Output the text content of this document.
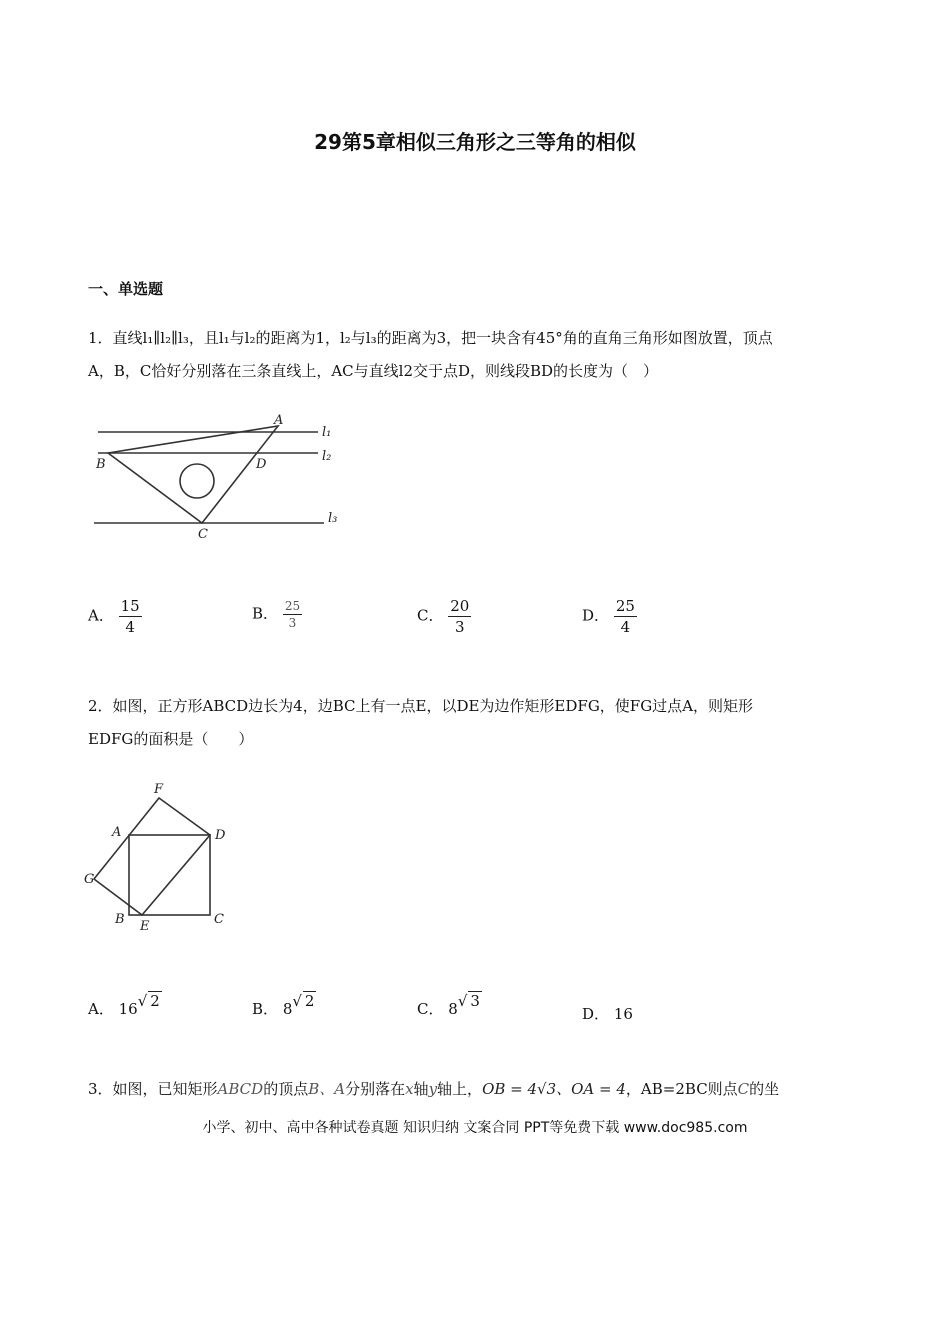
29第5章相似三角形之三等角的相似
一、单选题
1．直线l₁∥l₂∥l₃，且l₁与l₂的距离为1，l₂与l₃的距离为3，把一块含有45°角的直角三角形如图放置，顶点
A，B，C恰好分别落在三条直线上，AC与直线l2交于点D，则线段BD的长度为（　）
A
B
C
D
l₁
l₂
l₃
A． $\frac{15}{4}$	B． $\frac{25}{3}$	C． $\frac{20}{3}$	D． $\frac{25}{4}$
2．如图，正方形ABCD边长为4，边BC上有一点E，以DE为边作矩形EDFG，使FG过点A，则矩形
EDFG的面积是（　　）
F
A	D
G
B E	C
A． 16√ 2	B． 8√ 2	C． 8√ 3
D． 16
3．如图，已知矩形ABCD的顶点B、A分别落在x轴y轴上，OB = 4√3、OA = 4，AB=2BC则点C的坐
小学、初中、高中各种试卷真题 知识归纳 文案合同 PPT等免费下载 www.doc985.com
